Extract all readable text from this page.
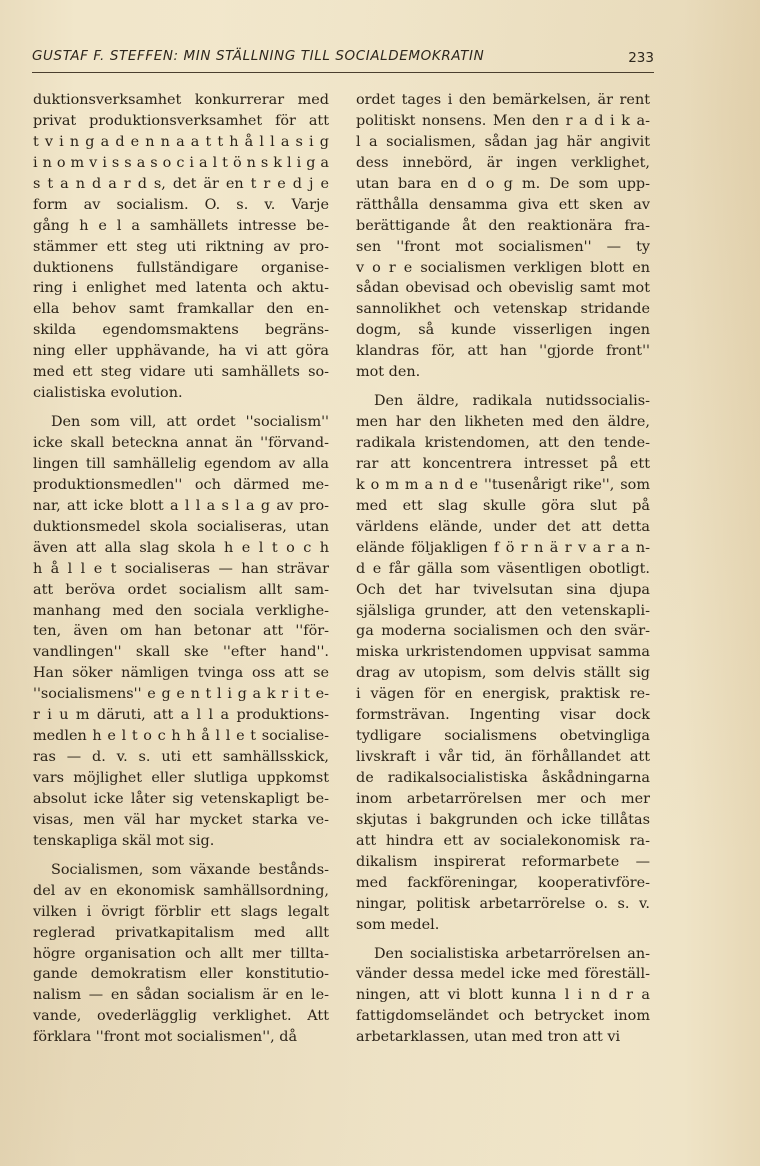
GUSTAF F. STEFFEN: MIN STÄLLNING TILL SOCIALDEMOKRATIN	233
duktionsverksamhet konkurrerar med
privat produktionsverksamhet för att
t v i n g a d e n n a a t t h å l l a s i g
i n o m v i s s a s o c i a l t ö n s k l i g a
s t a n d a r d s, det är en t r e d j e
form av socialism. O. s. v. Varje
gång h e l a samhällets intresse be-
stämmer ett steg uti riktning av pro-
duktionens fullständigare organise-
ring i enlighet med latenta och aktu-
ella behov samt framkallar den en-
skilda egendomsmaktens begräns-
ning eller upphävande, ha vi att göra
med ett steg vidare uti samhällets so-
cialistiska evolution.
Den som vill, att ordet ''socialism''
icke skall beteckna annat än ''förvand-
lingen till samhällelig egendom av alla
produktionsmedlen'' och därmed me-
nar, att icke blott a l l a s l a g av pro-
duktionsmedel skola socialiseras, utan
även att alla slag skola h e l t o c h
h å l l e t socialiseras — han strävar
att beröva ordet socialism allt sam-
manhang med den sociala verklighe-
ten, även om han betonar att ''för-
vandlingen'' skall ske ''efter hand''.
Han söker nämligen tvinga oss att se
''socialismens'' e g e n t l i g a k r i t e-
r i u m däruti, att a l l a produktions-
medlen h e l t o c h h å l l e t socialise-
ras — d. v. s. uti ett samhällsskick,
vars möjlighet eller slutliga uppkomst
absolut icke låter sig vetenskapligt be-
visas, men väl har mycket starka ve-
tenskapliga skäl mot sig.
Socialismen, som växande bestånds-
del av en ekonomisk samhällsordning,
vilken i övrigt förblir ett slags legalt
reglerad privatkapitalism med allt
högre organisation och allt mer tillta-
gande demokratism eller konstitutio-
nalism — en sådan socialism är en le-
vande, ovederlägglig verklighet. Att
förklara ''front mot socialismen'', då
ordet tages i den bemärkelsen, är rent
politiskt nonsens. Men den r a d i k a-
l a socialismen, sådan jag här angivit
dess innebörd, är ingen verklighet,
utan bara en d o g m. De som upp-
rätthålla densamma giva ett sken av
berättigande åt den reaktionära fra-
sen ''front mot socialismen'' — ty
v o r e socialismen verkligen blott en
sådan obevisad och obevislig samt mot
sannolikhet och vetenskap stridande
dogm, så kunde visserligen ingen
klandras för, att han ''gjorde front''
mot den.
Den äldre, radikala nutidssocialis-
men har den likheten med den äldre,
radikala kristendomen, att den tende-
rar att koncentrera intresset på ett
k o m m a n d e ''tusenårigt rike'', som
med ett slag skulle göra slut på
världens elände, under det att detta
elände följakligen f ö r n ä r v a r a n-
d e får gälla som väsentligen obotligt.
Och det har tvivelsutan sina djupa
själsliga grunder, att den vetenskapli-
ga moderna socialismen och den svär-
miska urkristendomen uppvisat samma
drag av utopism, som delvis ställt sig
i vägen för en energisk, praktisk re-
formsträvan. Ingenting visar dock
tydligare socialismens obetvingliga
livskraft i vår tid, än förhållandet att
de radikalsocialistiska åskådningarna
inom arbetarrörelsen mer och mer
skjutas i bakgrunden och icke tillåtas
att hindra ett av socialekonomisk ra-
dikalism inspirerat reformarbete —
med fackföreningar, kooperativföre-
ningar, politisk arbetarrörelse o. s. v.
som medel.
Den socialistiska arbetarrörelsen an-
vänder dessa medel icke med föreställ-
ningen, att vi blott kunna l i n d r a
fattigdomseländet och betrycket inom
arbetarklassen, utan med tron att vi
